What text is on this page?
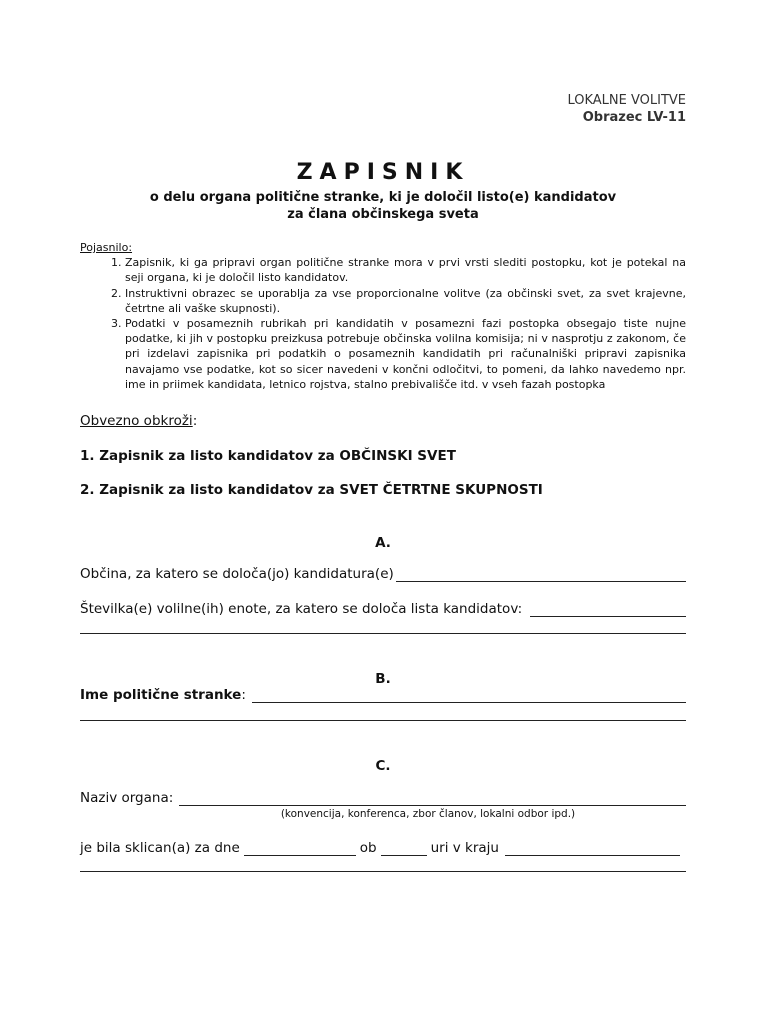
LOKALNE VOLITVE
Obrazec LV-11
ZAPISNIK
o delu organa politične stranke, ki je določil listo(e) kandidatov
za člana občinskega sveta
Pojasnilo:
1. Zapisnik, ki ga pripravi organ politične stranke mora v prvi vrsti slediti postopku, kot je potekal na seji organa, ki je določil listo kandidatov.
2. Instruktivni obrazec se uporablja za vse proporcionalne volitve (za občinski svet, za svet krajevne, četrtne ali vaške skupnosti).
3. Podatki v posameznih rubrikah pri kandidatih v posamezni fazi postopka obsegajo tiste nujne podatke, ki jih v postopku preizkusa potrebuje občinska volilna komisija; ni v nasprotju z zakonom, če pri izdelavi zapisnika pri podatkih o posameznih kandidatih pri računalniški pripravi zapisnika navajamo vse podatke, kot so sicer navedeni v končni odločitvi, to pomeni, da lahko navedemo npr. ime in priimek kandidata, letnico rojstva, stalno prebivališče itd. v vseh fazah postopka
Obvezno obkroži:
1. Zapisnik za listo kandidatov za OBČINSKI SVET
2. Zapisnik za listo kandidatov za SVET ČETRTNE SKUPNOSTI
A.
Občina, za katero se določa(jo) kandidatura(e)
Številka(e) volilne(ih) enote, za katero se določa lista kandidatov:
B.
Ime politične stranke :
C.
Naziv organa:
(konvencija, konferenca, zbor članov, lokalni odbor ipd.)
je bila sklican(a) za dne	ob	uri v kraju
